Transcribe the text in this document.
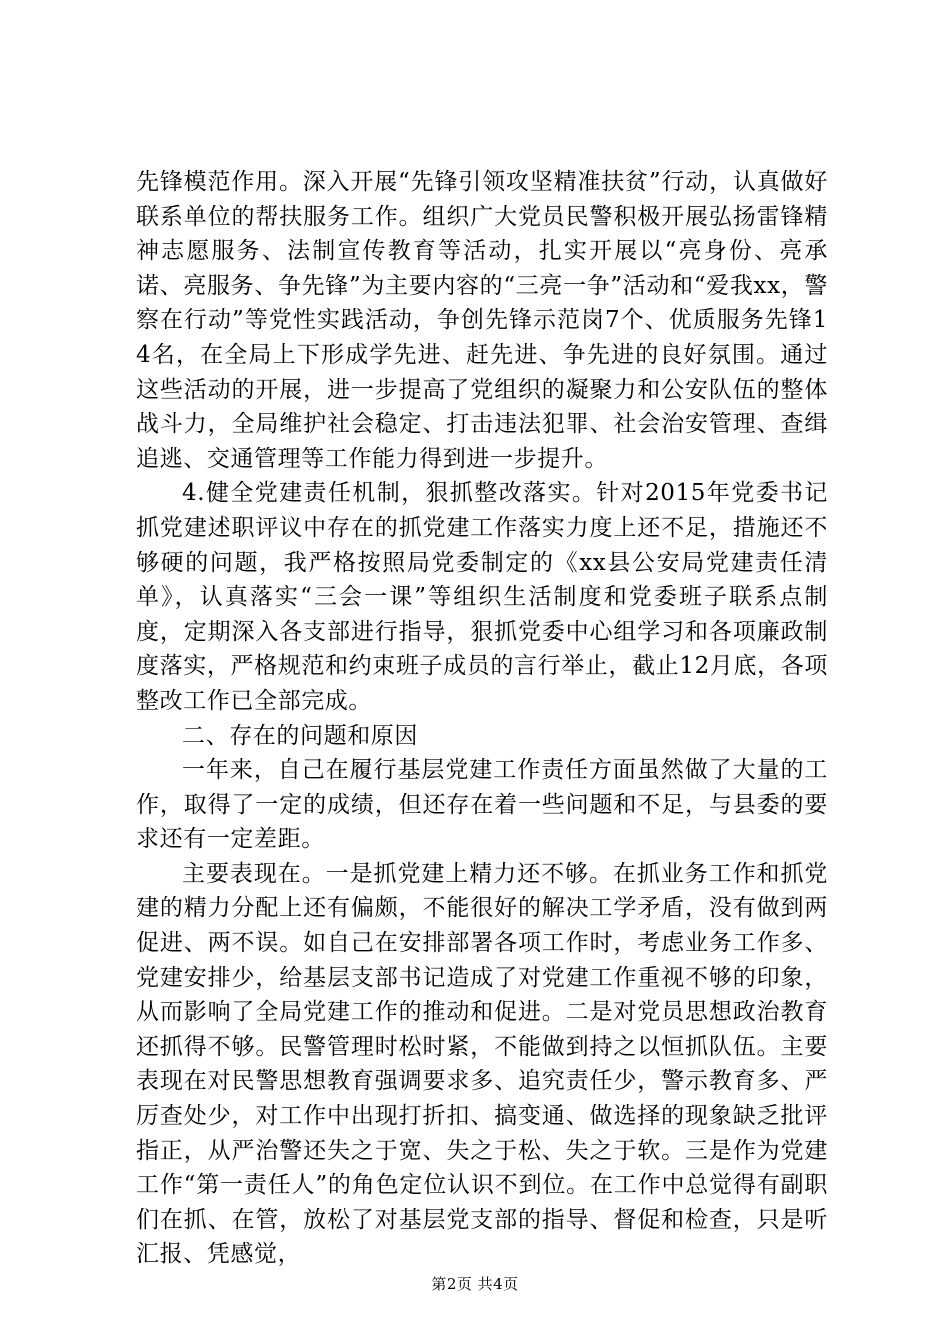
先锋模范作用。深入开展“先锋引领攻坚精准扶贫”行动，认真做好联系单位的帮扶服务工作。组织广大党员民警积极开展弘扬雷锋精神志愿服务、法制宣传教育等活动，扎实开展以“亮身份、亮承诺、亮服务、争先锋”为主要内容的“三亮一争”活动和“爱我xx，警察在行动”等党性实践活动，争创先锋示范岗7个、优质服务先锋14名，在全局上下形成学先进、赶先进、争先进的良好氛围。通过这些活动的开展，进一步提高了党组织的凝聚力和公安队伍的整体战斗力，全局维护社会稳定、打击违法犯罪、社会治安管理、查缉追逃、交通管理等工作能力得到进一步提升。

4.健全党建责任机制，狠抓整改落实。针对2015年党委书记抓党建述职评议中存在的抓党建工作落实力度上还不足，措施还不够硬的问题，我严格按照局党委制定的《xx县公安局党建责任清单》，认真落实“三会一课”等组织生活制度和党委班子联系点制度，定期深入各支部进行指导，狠抓党委中心组学习和各项廉政制度落实，严格规范和约束班子成员的言行举止，截止12月底，各项整改工作已全部完成。

二、存在的问题和原因

一年来，自己在履行基层党建工作责任方面虽然做了大量的工作，取得了一定的成绩，但还存在着一些问题和不足，与县委的要求还有一定差距。

主要表现在。一是抓党建上精力还不够。在抓业务工作和抓党建的精力分配上还有偏颇，不能很好的解决工学矛盾，没有做到两促进、两不误。如自己在安排部署各项工作时，考虑业务工作多、党建安排少，给基层支部书记造成了对党建工作重视不够的印象，从而影响了全局党建工作的推动和促进。二是对党员思想政治教育还抓得不够。民警管理时松时紧，不能做到持之以恒抓队伍。主要表现在对民警思想教育强调要求多、追究责任少，警示教育多、严厉查处少，对工作中出现打折扣、搞变通、做选择的现象缺乏批评指正，从严治警还失之于宽、失之于松、失之于软。三是作为党建工作“第一责任人”的角色定位认识不到位。在工作中总觉得有副职们在抓、在管，放松了对基层党支部的指导、督促和检查，只是听汇报、凭感觉，

第2页 共4页
